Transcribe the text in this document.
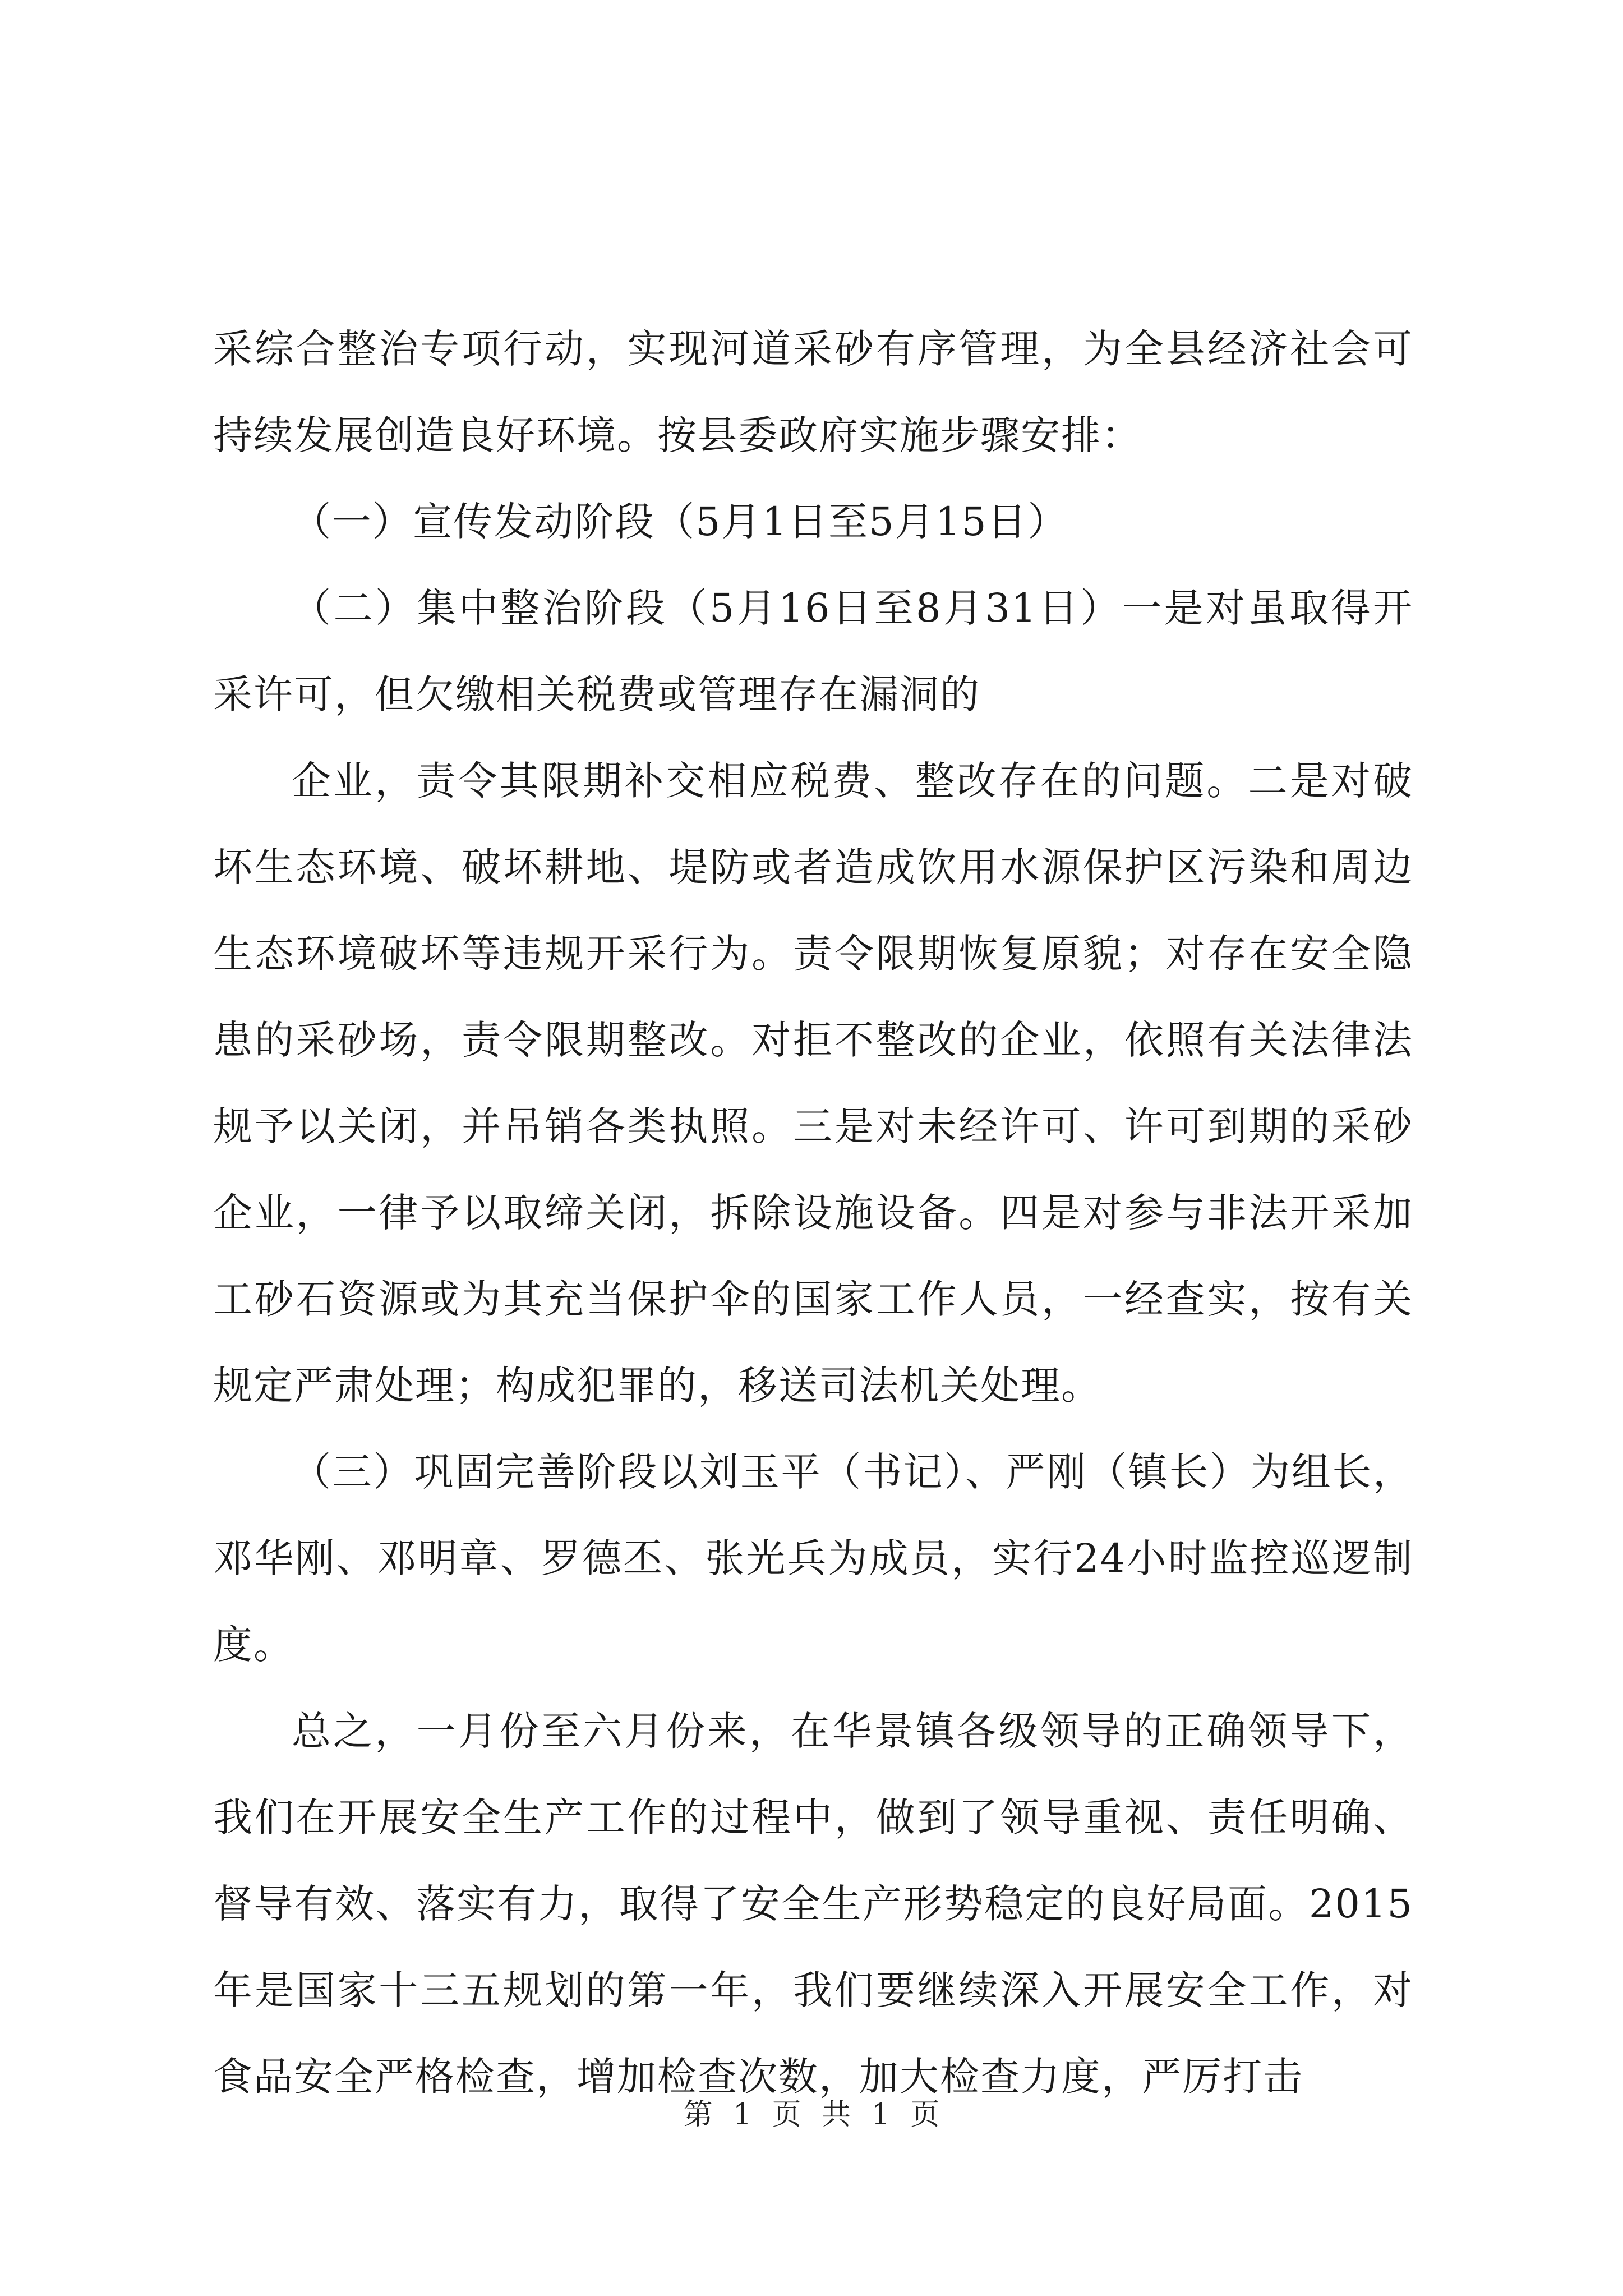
采综合整治专项行动，实现河道采砂有序管理，为全县经济社会可持续发展创造良好环境。按县委政府实施步骤安排：

（一）宣传发动阶段（5月1日至5月15日）

（二）集中整治阶段（5月16日至8月31日）一是对虽取得开采许可，但欠缴相关税费或管理存在漏洞的

企业，责令其限期补交相应税费、整改存在的问题。二是对破坏生态环境、破坏耕地、堤防或者造成饮用水源保护区污染和周边生态环境破坏等违规开采行为。责令限期恢复原貌；对存在安全隐患的采砂场，责令限期整改。对拒不整改的企业，依照有关法律法规予以关闭，并吊销各类执照。三是对未经许可、许可到期的采砂企业，一律予以取缔关闭，拆除设施设备。四是对参与非法开采加工砂石资源或为其充当保护伞的国家工作人员，一经查实，按有关规定严肃处理；构成犯罪的，移送司法机关处理。

（三）巩固完善阶段以刘玉平（书记）、严刚（镇长）为组长，邓华刚、邓明章、罗德丕、张光兵为成员，实行24小时监控巡逻制度。

总之，一月份至六月份来，在华景镇各级领导的正确领导下，我们在开展安全生产工作的过程中，做到了领导重视、责任明确、督导有效、落实有力，取得了安全生产形势稳定的良好局面。2015年是国家十三五规划的第一年，我们要继续深入开展安全工作，对食品安全严格检查，增加检查次数，加大检查力度，严厉打击

第 1 页 共 1 页
